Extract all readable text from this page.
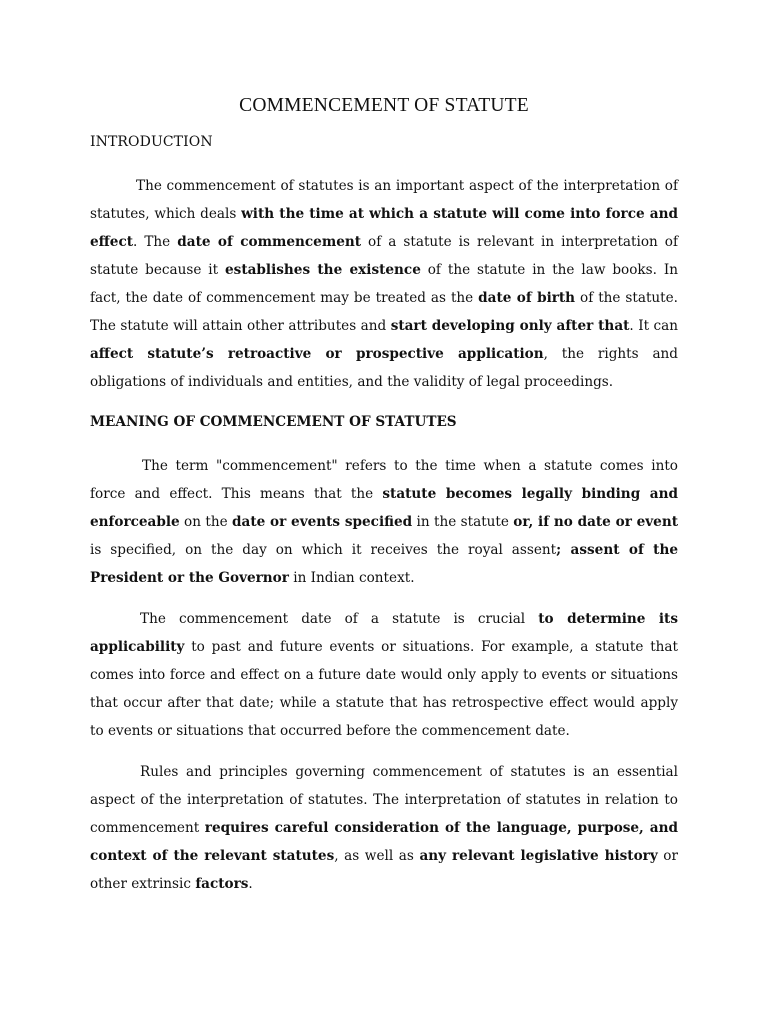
COMMENCEMENT OF STATUTE
INTRODUCTION

The commencement of statutes is an important aspect of the interpretation of statutes, which deals with the time at which a statute will come into force and effect. The date of commencement of a statute is relevant in interpretation of statute because it establishes the existence of the statute in the law books. In fact, the date of commencement may be treated as the date of birth of the statute. The statute will attain other attributes and start developing only after that. It can affect statute’s retroactive or prospective application, the rights and obligations of individuals and entities, and the validity of legal proceedings.

MEANING OF COMMENCEMENT OF STATUTES

The term "commencement" refers to the time when a statute comes into force and effect. This means that the statute becomes legally binding and enforceable on the date or events specified in the statute or, if no date or event is specified, on the day on which it receives the royal assent; assent of the President or the Governor in Indian context.

The commencement date of a statute is crucial to determine its applicability to past and future events or situations. For example, a statute that comes into force and effect on a future date would only apply to events or situations that occur after that date; while a statute that has retrospective effect would apply to events or situations that occurred before the commencement date.

Rules and principles governing commencement of statutes is an essential aspect of the interpretation of statutes. The interpretation of statutes in relation to commencement requires careful consideration of the language, purpose, and context of the relevant statutes, as well as any relevant legislative history or other extrinsic factors.
